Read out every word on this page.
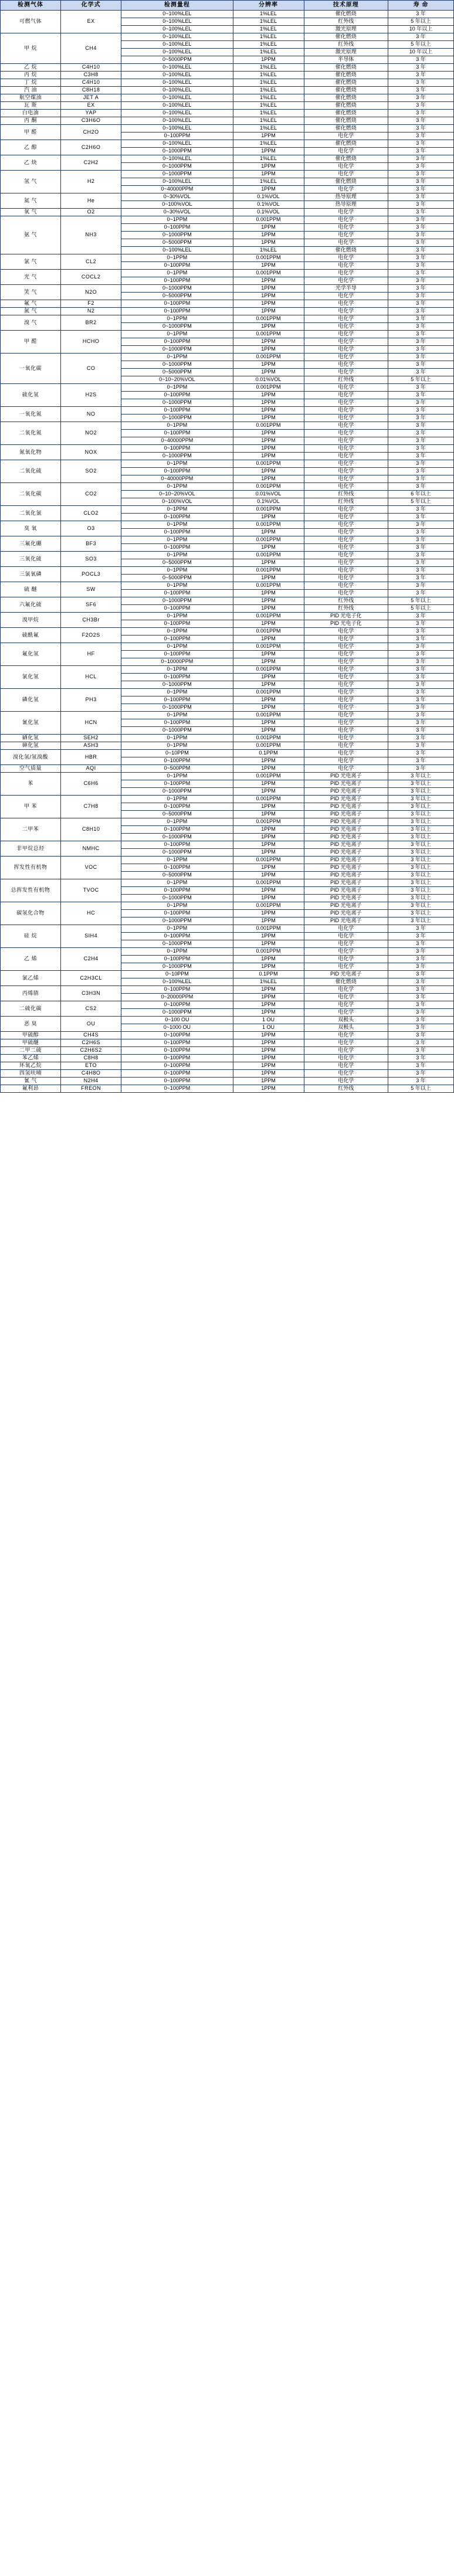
检测气体	化学式	检测量程	分辨率	技术原理	寿 命
可燃气体	EX	0~100%LEL	1%LEL	催化燃烧	3 年
		0~100%LEL	1%LEL	红外线	5 年以上
		0~100%LEL	1%LEL	激光原理	10 年以上
甲 烷	CH4	0~100%LEL	1%LEL	催化燃烧	3 年
		0~100%LEL	1%LEL	红外线	5 年以上
		0~100%LEL	1%LEL	激光原理	10 年以上
		0~5000PPM	1PPM	半导体	3 年
乙 烷	C4H10	0~100%LEL	1%LEL	催化燃烧	3 年
丙 烷	C3H8	0~100%LEL	1%LEL	催化燃烧	3 年
丁 烷	C4H10	0~100%LEL	1%LEL	催化燃烧	3 年
汽 油	C8H18	0~100%LEL	1%LEL	催化燃烧	3 年
航空煤油	JET A	0~100%LEL	1%LEL	催化燃烧	3 年
瓦 斯	EX	0~100%LEL	1%LEL	催化燃烧	3 年
白电油	YAP	0~100%LEL	1%LEL	催化燃烧	3 年
丙 酮	C3H6O	0~100%LEL	1%LEL	催化燃烧	3 年
甲 醛	CH2O	0~100%LEL	1%LEL	催化燃烧	3 年
		0~100PPM	1PPM	电化学	3 年
乙 醇	C2H6O	0~100%LEL	1%LEL	催化燃烧	3 年
		0~1000PPM	1PPM	电化学	3 年
乙 炔	C2H2	0~100%LEL	1%LEL	催化燃烧	3 年
		0~1000PPM	1PPM	电化学	3 年
氢 气	H2	0~1000PPM	1PPM	电化学	3 年
		0~100%LEL	1%LEL	催化燃烧	3 年
		0~40000PPM	1PPM	电化学	3 年
氦 气	He	0~30%VOL	0.1%VOL	热导原理	3 年
		0~100%VOL	0.1%VOL	热导原理	3 年
氧 气	O2	0~30%VOL	0.1%VOL	电化学	3 年
氨 气	NH3	0~1PPM	0.001PPM	电化学	3 年
		0~100PPM	1PPM	电化学	3 年
		0~1000PPM	1PPM	电化学	3 年
		0~5000PPM	1PPM	电化学	3 年
		0~100%LEL	1%LEL	催化燃烧	3 年
氯 气	CL2	0~1PPM	0.001PPM	电化学	3 年
		0~100PPM	1PPM	电化学	3 年
光 气	COCL2	0~1PPM	0.001PPM	电化学	3 年
		0~100PPM	1PPM	电化学	3 年
笑 气	N2O	0~1000PPM	1PPM	光学半导	3 年
		0~5000PPM	1PPM	电化学	3 年
氟 气	F2	0~100PPM	1PPM	电化学	3 年
氮 气	N2	0~100PPM	1PPM	电化学	3 年
溴 气	BR2	0~1PPM	0.001PPM	电化学	3 年
		0~1000PPM	1PPM	电化学	3 年
甲 醛	HCHO	0~1PPM	0.001PPM	电化学	3 年
		0~100PPM	1PPM	电化学	3 年
		0~1000PPM	1PPM	电化学	3 年
一氧化碳	CO	0~1PPM	0.001PPM	电化学	3 年
		0~1000PPM	1PPM	电化学	3 年
		0~5000PPM	1PPM	电化学	3 年
		0~10~20%VOL	0.01%VOL	红外线	5 年以上
硫化氢	H2S	0~1PPM	0.001PPM	电化学	3 年
		0~100PPM	1PPM	电化学	3 年
		0~1000PPM	1PPM	电化学	3 年
一氧化氮	NO	0~100PPM	1PPM	电化学	3 年
		0~1000PPM	1PPM	电化学	3 年
二氧化氮	NO2	0~1PPM	0.001PPM	电化学	3 年
		0~100PPM	1PPM	电化学	3 年
		0~40000PPM	1PPM	电化学	3 年
氮氧化物	NOX	0~100PPM	1PPM	电化学	3 年
		0~1000PPM	1PPM	电化学	3 年
二氧化硫	SO2	0~1PPM	0.001PPM	电化学	3 年
		0~100PPM	1PPM	电化学	3 年
		0~40000PPM	1PPM	电化学	3 年
二氧化碳	CO2	0~1PPM	0.001PPM	电化学	3 年
		0~10~20%VOL	0.01%VOL	红外线	6 年以上
		0~100%VOL	0.1%VOL	红外线	5 年以上
二氧化氯	CLO2	0~1PPM	0.001PPM	电化学	3 年
		0~100PPM	1PPM	电化学	3 年
臭 氧	O3	0~1PPM	0.001PPM	电化学	3 年
		0~100PPM	1PPM	电化学	3 年
三氟化硼	BF3	0~1PPM	0.001PPM	电化学	3 年
		0~100PPM	1PPM	电化学	3 年
三氧化硫	SO3	0~1PPM	0.001PPM	电化学	3 年
		0~5000PPM	1PPM	电化学	3 年
三氯氧磷	POCL3	0~1PPM	0.001PPM	电化学	3 年
		0~5000PPM	1PPM	电化学	3 年
硫 醚	SW	0~1PPM	0.001PPM	电化学	3 年
		0~100PPM	1PPM	电化学	3 年
六氟化硫	SF6	0~1000PPM	1PPM	红外线	5 年以上
		0~100PPM	1PPM	红外线	5 年以上
溴甲烷	CH3Br	0~1PPM	0.001PPM	PID 光电子化	3 年
		0~100PPM	1PPM	PID 光电子化	3 年
硫酰氟	F2O2S	0~1PPM	0.001PPM	电化学	3 年
		0~100PPM	1PPM	电化学	3 年
氟化氢	HF	0~1PPM	0.001PPM	电化学	3 年
		0~100PPM	1PPM	电化学	3 年
		0~10000PPM	1PPM	电化学	3 年
氯化氢	HCL	0~1PPM	0.001PPM	电化学	3 年
		0~100PPM	1PPM	电化学	3 年
		0~1000PPM	1PPM	电化学	3 年
磷化氢	PH3	0~1PPM	0.001PPM	电化学	3 年
		0~100PPM	1PPM	电化学	3 年
		0~1000PPM	1PPM	电化学	3 年
氰化氢	HCN	0~1PPM	0.001PPM	电化学	3 年
		0~100PPM	1PPM	电化学	3 年
		0~1000PPM	1PPM	电化学	3 年
硒化氢	SEH2	0~1PPM	0.001PPM	电化学	3 年
砷化氢	ASH3	0~1PPM	0.001PPM	电化学	3 年
溴化氢/氢溴酸	HBR	0~10PPM	0.1PPM	电化学	3 年
		0~100PPM	1PPM	电化学	3 年
空气质量	AQI	0~500PPM	1PPM	电化学	3 年
苯	C6H6	0~1PPM	0.001PPM	PID 光电离子	3 年以上
		0~100PPM	1PPM	PID 光电离子	3 年以上
		0~1000PPM	1PPM	PID 光电离子	3 年以上
甲 苯	C7H8	0~1PPM	0.001PPM	PID 光电离子	3 年以上
		0~100PPM	1PPM	PID 光电离子	3 年以上
		0~5000PPM	1PPM	PID 光电离子	3 年以上
二甲苯	C8H10	0~1PPM	0.001PPM	PID 光电离子	3 年以上
		0~100PPM	1PPM	PID 光电离子	3 年以上
		0~1000PPM	1PPM	PID 光电离子	3 年以上
非甲烷总烃	NMHC	0~100PPM	1PPM	PID 光电离子	3 年以上
		0~1000PPM	1PPM	PID 光电离子	3 年以上
挥发性有机物	VOC	0~1PPM	0.001PPM	PID 光电离子	3 年以上
		0~100PPM	1PPM	PID 光电离子	3 年以上
		0~5000PPM	1PPM	PID 光电离子	3 年以上
总挥发性有机物	TVOC	0~1PPM	0.001PPM	PID 光电离子	3 年以上
		0~100PPM	1PPM	PID 光电离子	3 年以上
		0~1000PPM	1PPM	PID 光电离子	3 年以上
碳氢化合物	HC	0~1PPM	0.001PPM	PID 光电离子	3 年以上
		0~100PPM	1PPM	PID 光电离子	3 年以上
		0~1000PPM	1PPM	PID 光电离子	3 年以上
硅 烷	SIH4	0~1PPM	0.001PPM	电化学	3 年
		0~100PPM	1PPM	电化学	3 年
		0~1000PPM	1PPM	电化学	3 年
乙 烯	C2H4	0~1PPM	0.001PPM	电化学	3 年
		0~100PPM	1PPM	电化学	3 年
		0~1000PPM	1PPM	电化学	3 年
氯乙烯	C2H3CL	0~10PPM	0.1PPM	PID 光电离子	3 年
		0~100%LEL	1%LEL	催化燃烧	3 年
丙烯腈	C3H3N	0~100PPM	1PPM	电化学	3 年
		0~20000PPM	1PPM	电化学	3 年
二硫化碳	CS2	0~100PPM	1PPM	电化学	3 年
		0~1000PPM	1PPM	电化学	3 年
恶 臭	OU	0~100 OU	1 OU	双极头	3 年
		0~1000 OU	1 OU	双极头	3 年
甲硫醇	CH4S	0~100PPM	1PPM	电化学	3 年
甲硫醚	C2H6S	0~100PPM	1PPM	电化学	3 年
二甲二硫	C2H6S2	0~100PPM	1PPM	电化学	3 年
苯乙烯	C8H8	0~100PPM	1PPM	电化学	3 年
环氧乙烷	ETO	0~100PPM	1PPM	电化学	3 年
四氢呋喃	C4H8O	0~100PPM	1PPM	电化学	3 年
氰 气	N2H4	0~100PPM	1PPM	电化学	3 年
氟利昂	FREON	0~100PPM	1PPM	红外线	5 年以上
